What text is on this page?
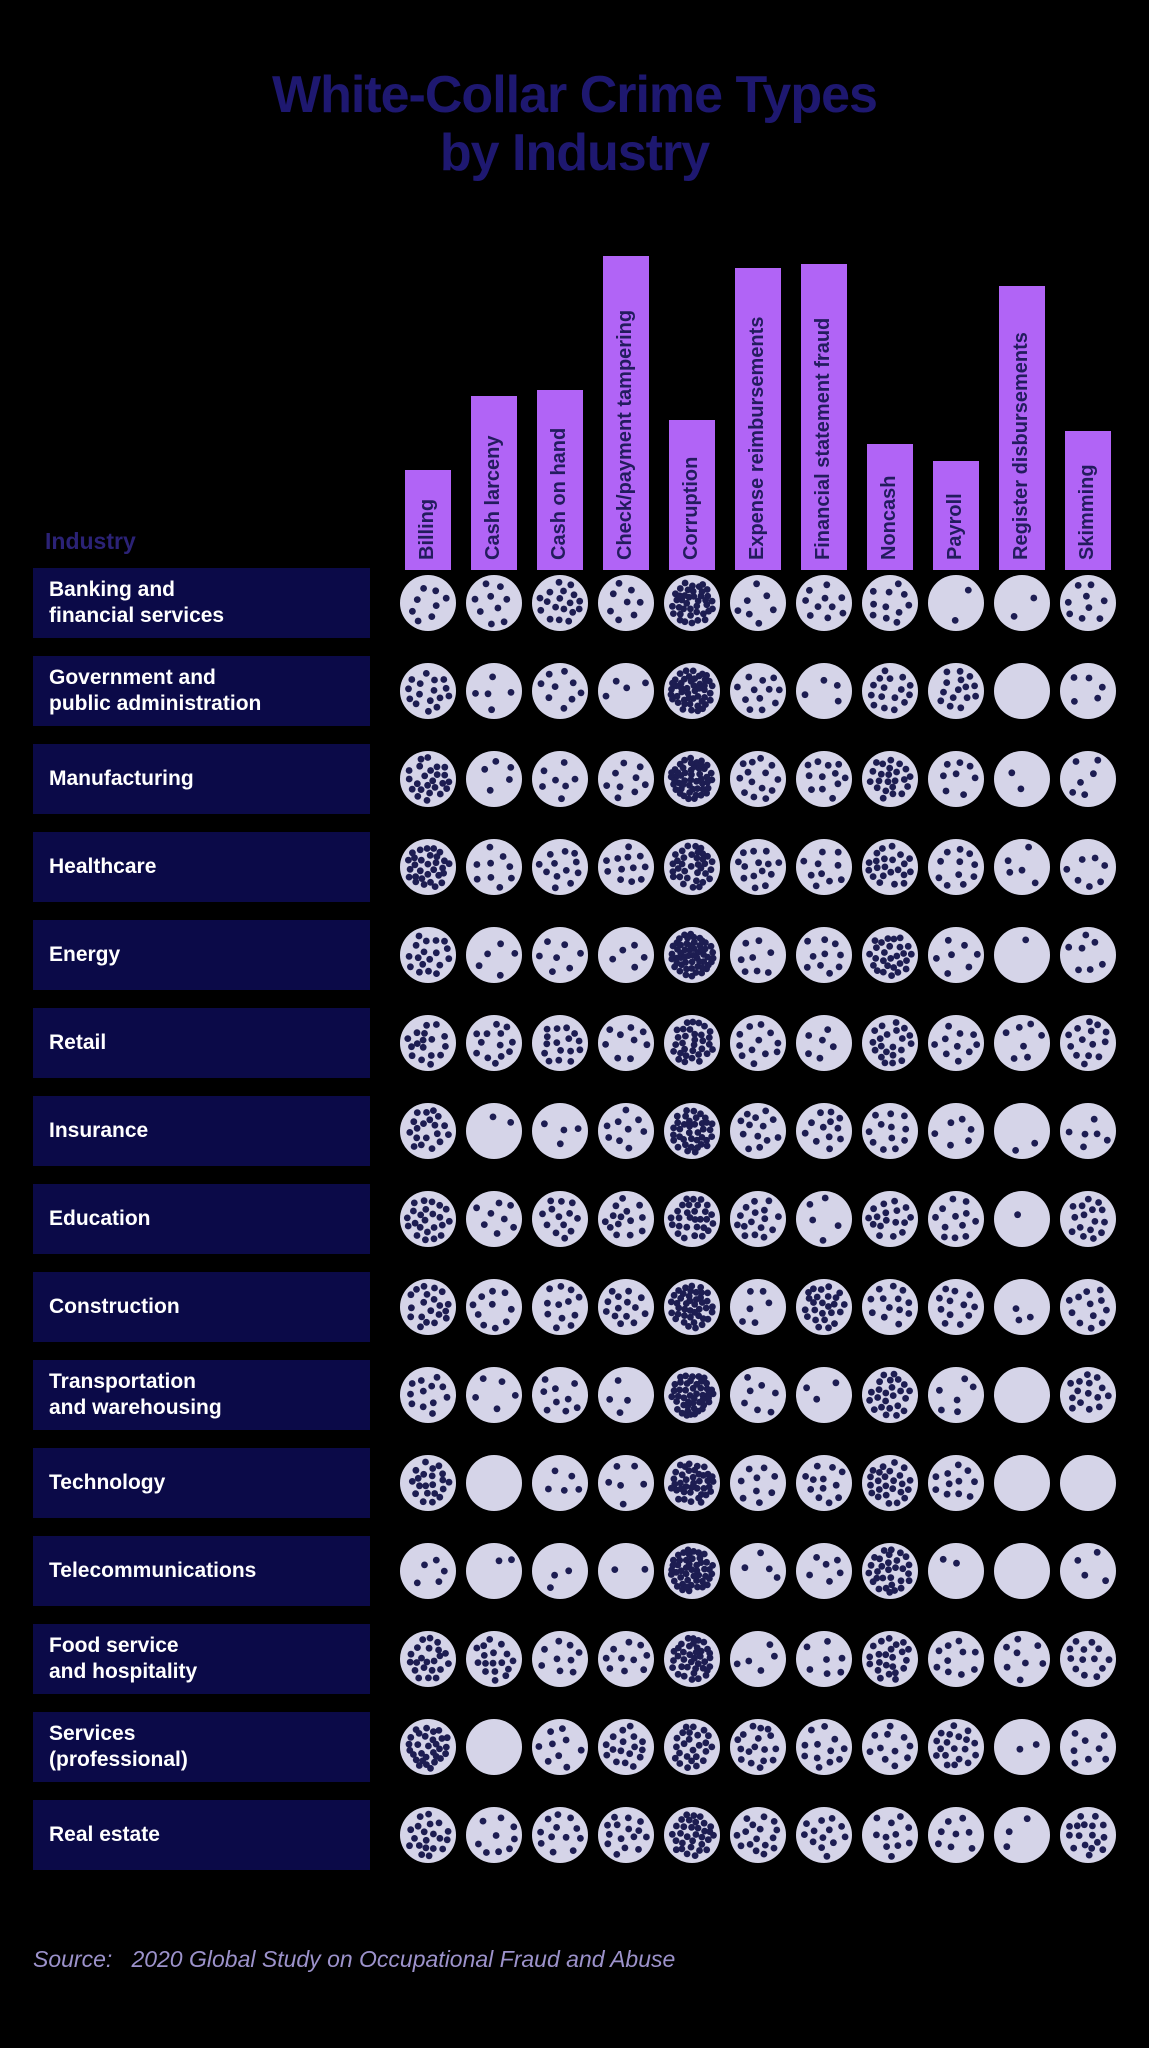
White-Collar Crime Types
by Industry
Industry	Billing Cash larceny Cash on hand Check/payment tampering Corruption Expense reimbursements Financial statement fraud Noncash Payroll Register disbursements Skimming
Banking and
financial services
Government and
public administration
Manufacturing
Healthcare
Energy
Retail
Insurance
Education
Construction
Transportation
and warehousing
Technology
Telecommunications
Food service
and hospitality
Services
(professional)
Real estate
Source: 2020 Global Study on Occupational Fraud and Abuse
